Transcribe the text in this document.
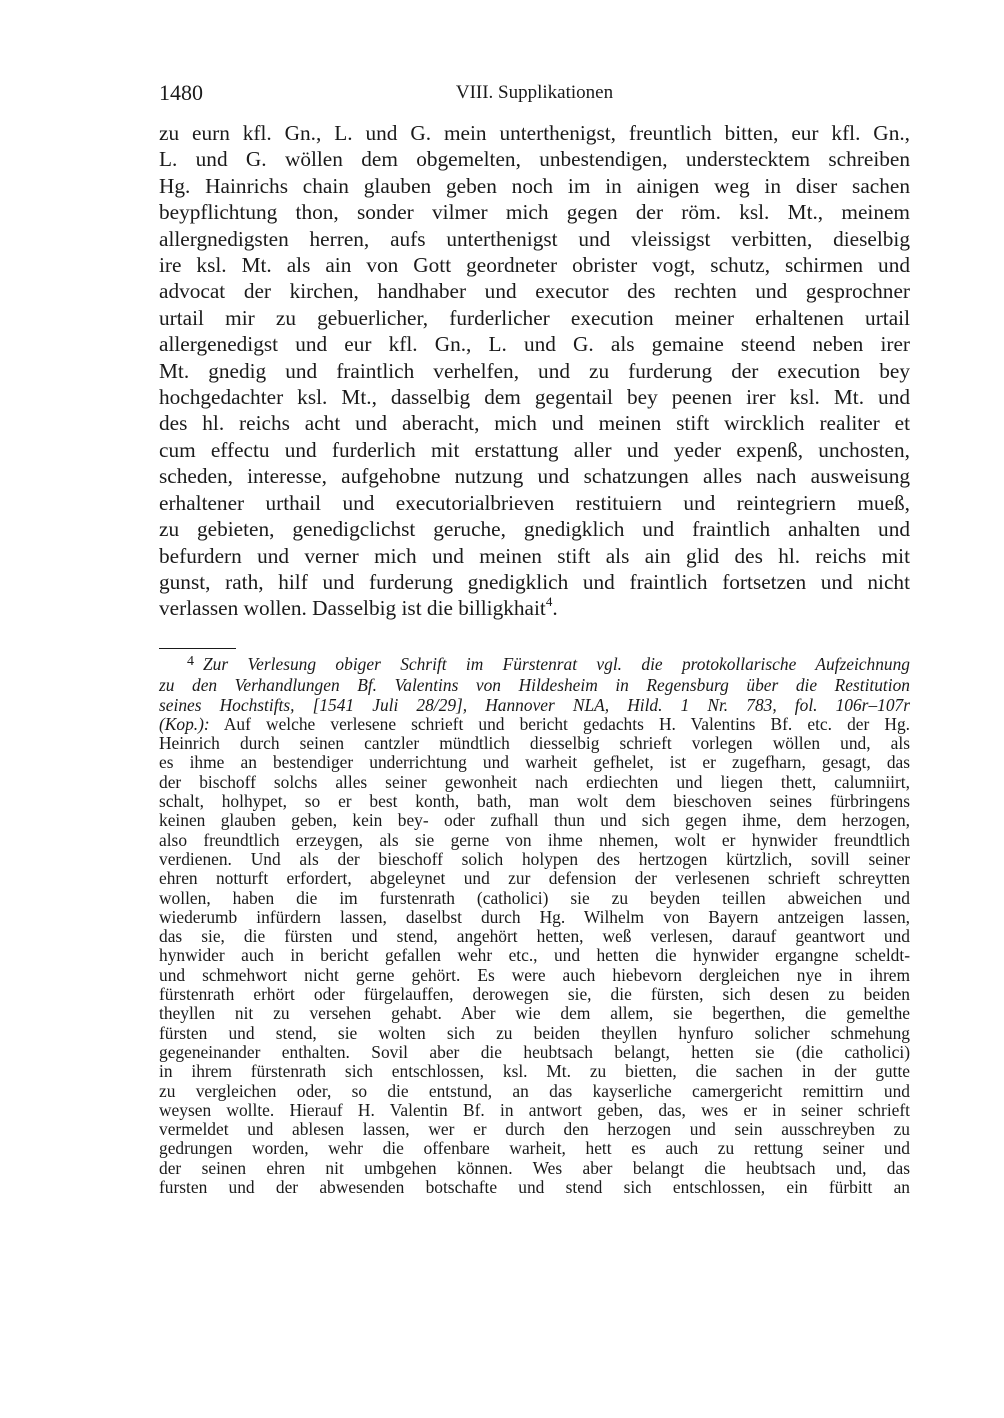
1480	VIII. Supplikationen
zu eurn kfl. Gn., L. und G. mein unterthenigst, freuntlich bitten, eur kfl. Gn.,
L. und G. wöllen dem obgemelten, unbestendigen, understecktem schreiben
Hg. Hainrichs chain glauben geben noch im in ainigen weg in diser sachen
beypflichtung thon, sonder vilmer mich gegen der röm. ksl. Mt., meinem
allergnedigsten herren, aufs unterthenigst und vleissigst verbitten, dieselbig
ire ksl. Mt. als ain von Gott geordneter obrister vogt, schutz, schirmen und
advocat der kirchen, handhaber und executor des rechten und gesprochner
urtail mir zu gebuerlicher, furderlicher execution meiner erhaltenen urtail
allergenedigst und eur kfl. Gn., L. und G. als gemaine steend neben irer
Mt. gnedig und fraintlich verhelfen, und zu furderung der execution bey
hochgedachter ksl. Mt., dasselbig dem gegentail bey peenen irer ksl. Mt. und
des hl. reichs acht und aberacht, mich und meinen stift wircklich realiter et
cum effectu und furderlich mit erstattung aller und yeder expenß, unchosten,
scheden, interesse, aufgehobne nutzung und schatzungen alles nach ausweisung
erhaltener urthail und executorialbrieven restituiern und reintegriern mueß,
zu gebieten, genedigclichst geruche, gnedigklich und fraintlich anhalten und
befurdern und verner mich und meinen stift als ain glid des hl. reichs mit
gunst, rath, hilf und furderung gnedigklich und fraintlich fortsetzen und nicht
verlassen wollen. Dasselbig ist die billigkhait$^4$.
$^4$ Zur Verlesung obiger Schrift im Fürstenrat vgl. die protokollarische Aufzeichnung
zu den Verhandlungen Bf. Valentins von Hildesheim in Regensburg über die Restitution
seines Hochstifts, [1541 Juli 28/29], Hannover NLA, Hild. 1 Nr. 783, fol. 106r–107r
(Kop.): Auf welche verlesene schrieft und bericht gedachts H. Valentins Bf. etc. der Hg.
Heinrich durch seinen cantzler mündtlich diesselbig schrieft vorlegen wöllen und, als
es ihme an bestendiger underrichtung und warheit gefhelet, ist er zugefharn, gesagt, das
der bischoff solchs alles seiner gewonheit nach erdiechten und liegen thett, calumniirt,
schalt, holhypet, so er best konth, bath, man wolt dem bieschoven seines fürbringens
keinen glauben geben, kein bey- oder zufhall thun und sich gegen ihme, dem herzogen,
also freundtlich erzeygen, als sie gerne von ihme nhemen, wolt er hynwider freundtlich
verdienen. Und als der bieschoff solich holypen des hertzogen kürtzlich, sovill seiner
ehren notturft erfordert, abgeleynet und zur defension der verlesenen schrieft schreytten
wollen, haben die im furstenrath (catholici) sie zu beyden teillen abweichen und
wiederumb infürdern lassen, daselbst durch Hg. Wilhelm von Bayern antzeigen lassen,
das sie, die fürsten und stend, angehört hetten, weß verlesen, darauf geantwort und
hynwider auch in bericht gefallen wehr etc., und hetten die hynwider ergangne scheldt-
und schmehwort nicht gerne gehört. Es were auch hiebevorn dergleichen nye in ihrem
fürstenrath erhört oder fürgelauffen, derowegen sie, die fürsten, sich desen zu beiden
theyllen nit zu versehen gehabt. Aber wie dem allem, sie begerthen, die gemelthe
fürsten und stend, sie wolten sich zu beiden theyllen hynfuro solicher schmehung
gegeneinander enthalten. Sovil aber die heubtsach belangt, hetten sie (die catholici)
in ihrem fürstenrath sich entschlossen, ksl. Mt. zu bietten, die sachen in der gutte
zu vergleichen oder, so die entstund, an das kayserliche camergericht remittirn und
weysen wollte. Hierauf H. Valentin Bf. in antwort geben, das, wes er in seiner schrieft
vermeldet und ablesen lassen, wer er durch den herzogen und sein ausschreyben zu
gedrungen worden, wehr die offenbare warheit, hett es auch zu rettung seiner und
der seinen ehren nit umbgehen können. Wes aber belangt die heubtsach und, das
fursten und der abwesenden botschafte und stend sich entschlossen, ein fürbitt an
